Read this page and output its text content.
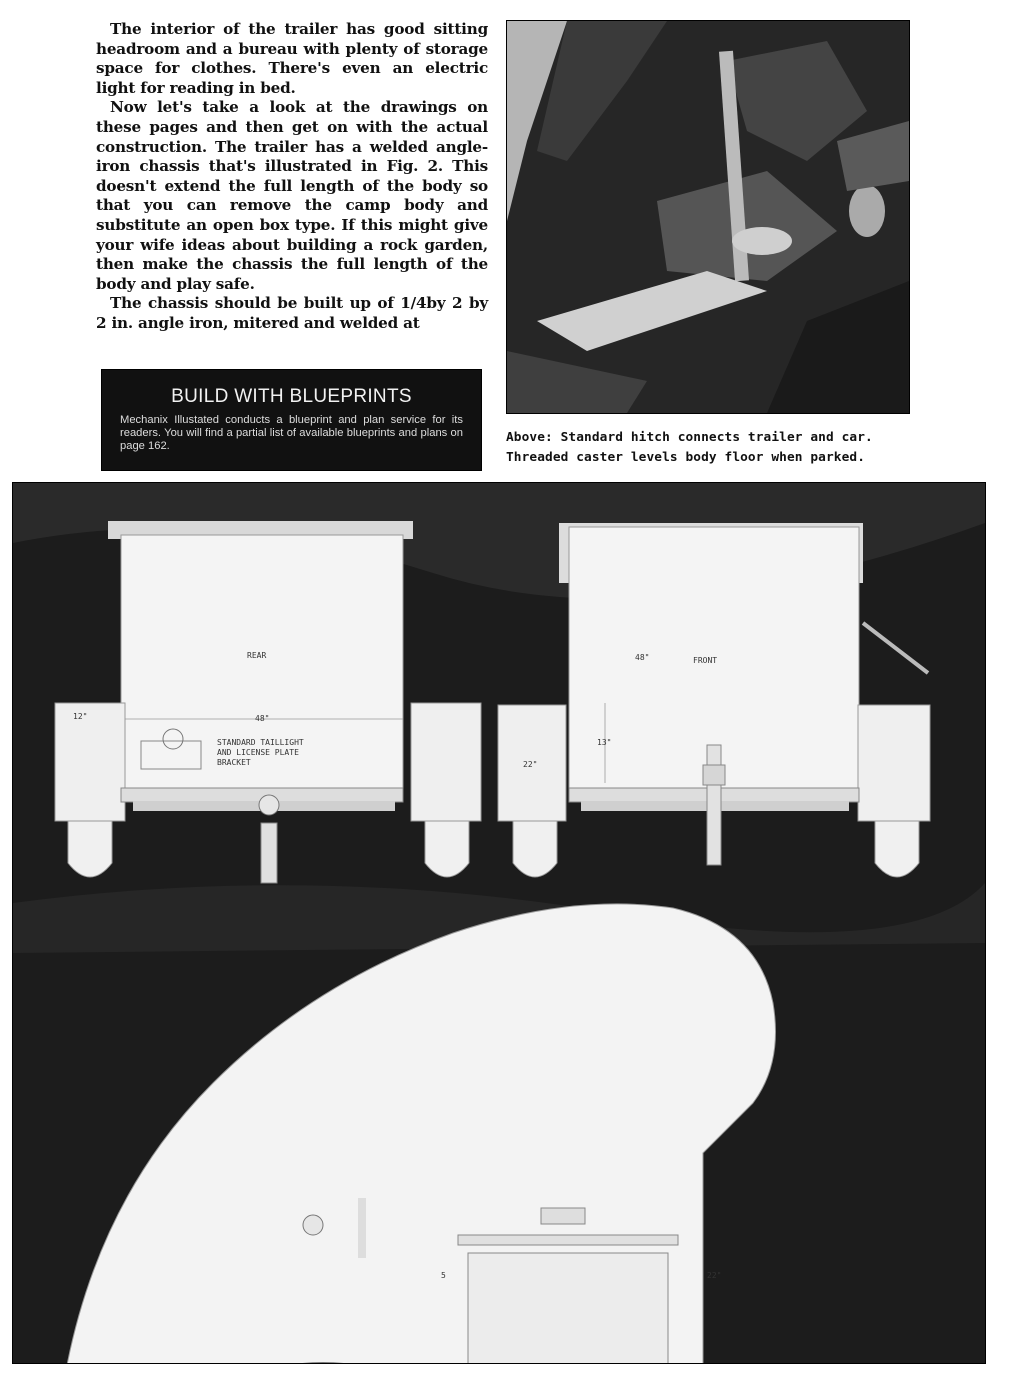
The interior of the trailer has good sitting headroom and a bureau with plenty of storage space for clothes. There's even an electric light for reading in bed.

Now let's take a look at the drawings on these pages and then get on with the actual construction. The trailer has a welded angle-iron chassis that's illustrated in Fig. 2. This doesn't extend the full length of the body so that you can remove the camp body and substitute an open box type. If this might give your wife ideas about building a rock garden, then make the chassis the full length of the body and play safe.

The chassis should be built up of 1/4by 2 by 2 in. angle iron, mitered and welded at

Above: Standard hitch connects trailer and car.
Threaded caster levels body floor when parked.
BUILD WITH BLUEPRINTS
Mechanix Illustated conducts a blueprint and plan service for its readers. You will find a partial list of available blueprints and plans on page 162.
REAR
48"
12"
STANDARD TAILLIGHT
AND LICENSE PLATE
BRACKET
FRONT
48"
13"
22"
5	22"
